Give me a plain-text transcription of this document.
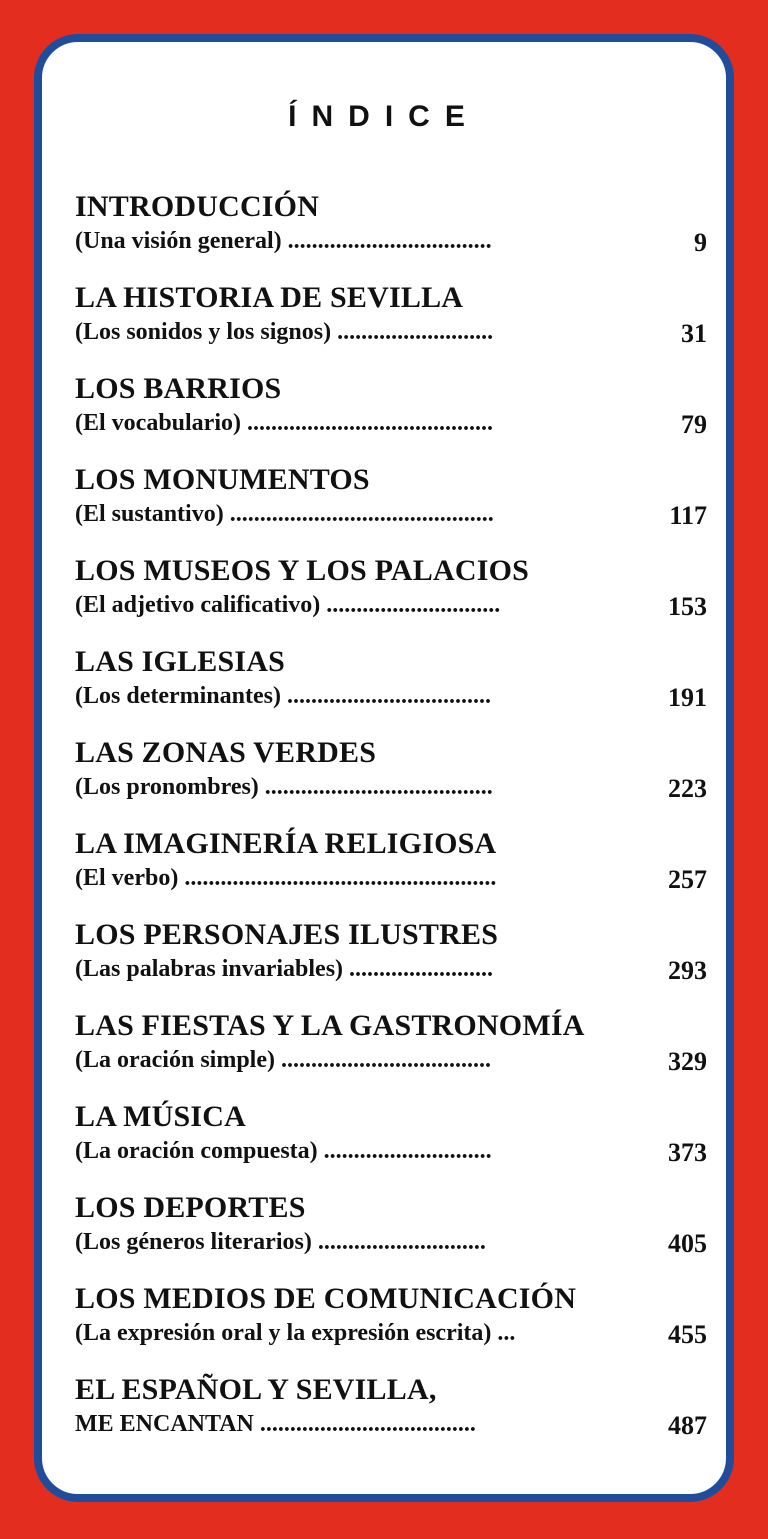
ÍNDICE
INTRODUCCIÓN
(Una visión general) ..................................	9
LA HISTORIA DE SEVILLA
(Los sonidos y los signos) ..........................	31
LOS BARRIOS
(El vocabulario) .........................................	79
LOS MONUMENTOS
(El sustantivo) ............................................	117
LOS MUSEOS Y LOS PALACIOS
(El adjetivo calificativo) .............................	153
LAS IGLESIAS
(Los determinantes) ..................................	191
LAS ZONAS VERDES
(Los pronombres) ......................................	223
LA IMAGINERÍA RELIGIOSA
(El verbo) ....................................................	257
LOS PERSONAJES ILUSTRES
(Las palabras invariables) ........................	293
LAS FIESTAS Y LA GASTRONOMÍA
(La oración simple) ...................................	329
LA MÚSICA
(La oración compuesta) ............................	373
LOS DEPORTES
(Los géneros literarios) ............................	405
LOS MEDIOS DE COMUNICACIÓN
(La expresión oral y la expresión escrita) ...	455
EL ESPAÑOL Y SEVILLA,
ME ENCANTAN ....................................	487
